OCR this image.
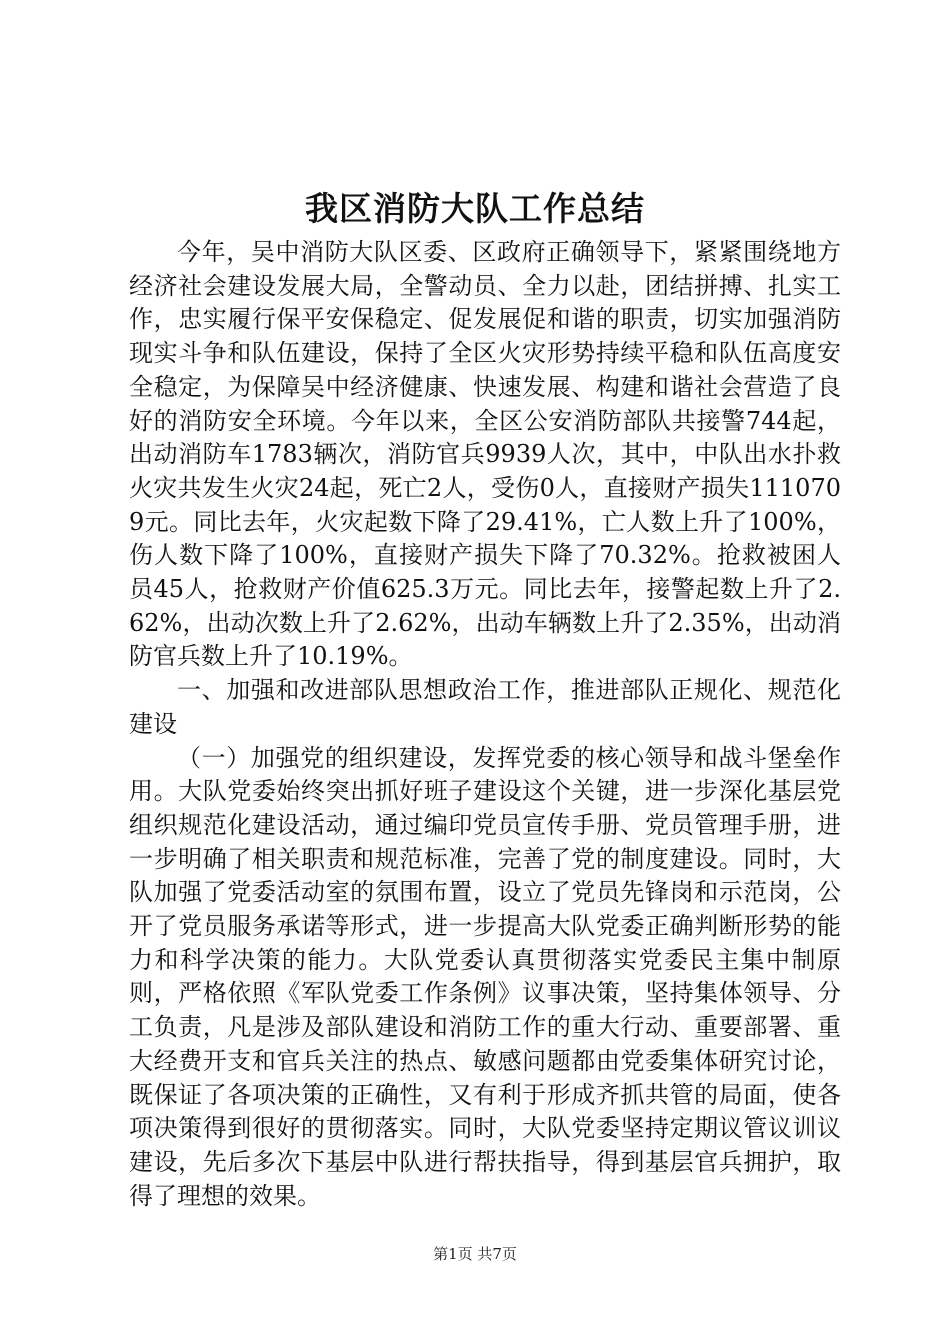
我区消防大队工作总结

今年，吴中消防大队区委、区政府正确领导下，紧紧围绕地方经济社会建设发展大局，全警动员、全力以赴，团结拼搏、扎实工作，忠实履行保平安保稳定、促发展促和谐的职责，切实加强消防现实斗争和队伍建设，保持了全区火灾形势持续平稳和队伍高度安全稳定，为保障吴中经济健康、快速发展、构建和谐社会营造了良好的消防安全环境。今年以来，全区公安消防部队共接警744起，出动消防车1783辆次，消防官兵9939人次，其中，中队出水扑救火灾共发生火灾24起，死亡2人，受伤0人，直接财产损失1110709元。同比去年，火灾起数下降了29.41%，亡人数上升了100%，伤人数下降了100%，直接财产损失下降了70.32%。抢救被困人员45人，抢救财产价值625.3万元。同比去年，接警起数上升了2.62%，出动次数上升了2.62%，出动车辆数上升了2.35%，出动消防官兵数上升了10.19%。

一、加强和改进部队思想政治工作，推进部队正规化、规范化建设

（一）加强党的组织建设，发挥党委的核心领导和战斗堡垒作用。大队党委始终突出抓好班子建设这个关键，进一步深化基层党组织规范化建设活动，通过编印党员宣传手册、党员管理手册，进一步明确了相关职责和规范标准，完善了党的制度建设。同时，大队加强了党委活动室的氛围布置，设立了党员先锋岗和示范岗，公开了党员服务承诺等形式，进一步提高大队党委正确判断形势的能力和科学决策的能力。大队党委认真贯彻落实党委民主集中制原则，严格依照《军队党委工作条例》议事决策，坚持集体领导、分工负责，凡是涉及部队建设和消防工作的重大行动、重要部署、重大经费开支和官兵关注的热点、敏感问题都由党委集体研究讨论，既保证了各项决策的正确性，又有利于形成齐抓共管的局面，使各项决策得到很好的贯彻落实。同时，大队党委坚持定期议管议训议建设，先后多次下基层中队进行帮扶指导，得到基层官兵拥护，取得了理想的效果。

第1页 共7页
